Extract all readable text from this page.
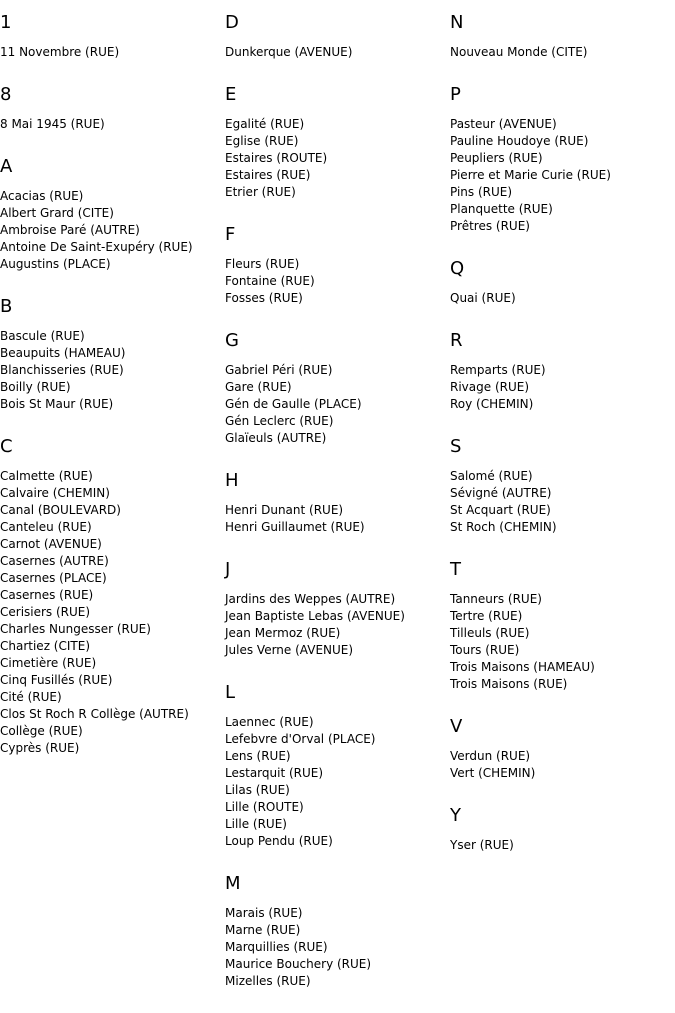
1
11 Novembre (RUE)
8
8 Mai 1945 (RUE)
A
Acacias (RUE)
Albert Grard (CITE)
Ambroise Paré (AUTRE)
Antoine De Saint-Exupéry (RUE)
Augustins (PLACE)
B
Bascule (RUE)
Beaupuits (HAMEAU)
Blanchisseries (RUE)
Boilly (RUE)
Bois St Maur (RUE)
C
Calmette (RUE)
Calvaire (CHEMIN)
Canal (BOULEVARD)
Canteleu (RUE)
Carnot (AVENUE)
Casernes (AUTRE)
Casernes (PLACE)
Casernes (RUE)
Cerisiers (RUE)
Charles Nungesser (RUE)
Chartiez (CITE)
Cimetière (RUE)
Cinq Fusillés (RUE)
Cité (RUE)
Clos St Roch R Collège (AUTRE)
Collège (RUE)
Cyprès (RUE)
D
Dunkerque (AVENUE)
E
Egalité (RUE)
Eglise (RUE)
Estaires (ROUTE)
Estaires (RUE)
Etrier (RUE)
F
Fleurs (RUE)
Fontaine (RUE)
Fosses (RUE)
G
Gabriel Péri (RUE)
Gare (RUE)
Gén de Gaulle (PLACE)
Gén Leclerc (RUE)
Glaïeuls (AUTRE)
H
Henri Dunant (RUE)
Henri Guillaumet (RUE)
J
Jardins des Weppes (AUTRE)
Jean Baptiste Lebas (AVENUE)
Jean Mermoz (RUE)
Jules Verne (AVENUE)
L
Laennec (RUE)
Lefebvre d'Orval (PLACE)
Lens (RUE)
Lestarquit (RUE)
Lilas (RUE)
Lille (ROUTE)
Lille (RUE)
Loup Pendu (RUE)
M
Marais (RUE)
Marne (RUE)
Marquillies (RUE)
Maurice Bouchery (RUE)
Mizelles (RUE)
N
Nouveau Monde (CITE)
P
Pasteur (AVENUE)
Pauline Houdoye (RUE)
Peupliers (RUE)
Pierre et Marie Curie (RUE)
Pins (RUE)
Planquette (RUE)
Prêtres (RUE)
Q
Quai (RUE)
R
Remparts (RUE)
Rivage (RUE)
Roy (CHEMIN)
S
Salomé (RUE)
Sévigné (AUTRE)
St Acquart (RUE)
St Roch (CHEMIN)
T
Tanneurs (RUE)
Tertre (RUE)
Tilleuls (RUE)
Tours (RUE)
Trois Maisons (HAMEAU)
Trois Maisons (RUE)
V
Verdun (RUE)
Vert (CHEMIN)
Y
Yser (RUE)
